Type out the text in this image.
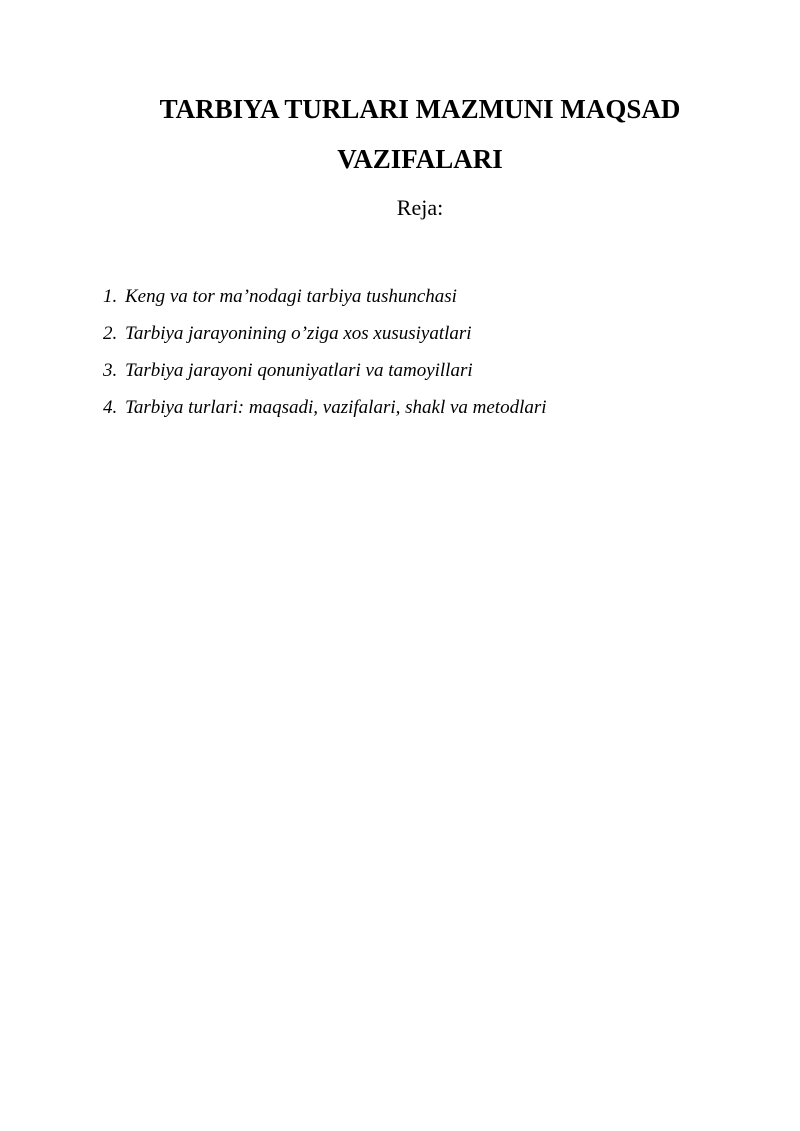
TARBIYA TURLARI MAZMUNI MAQSAD
VAZIFALARI

Reja:

1. Keng va tor ma’nodagi tarbiya tushunchasi
2. Tarbiya jarayonining o’ziga xos xususiyatlari
3. Tarbiya jarayoni qonuniyatlari va tamoyillari
4. Tarbiya turlari: maqsadi, vazifalari, shakl va metodlari
